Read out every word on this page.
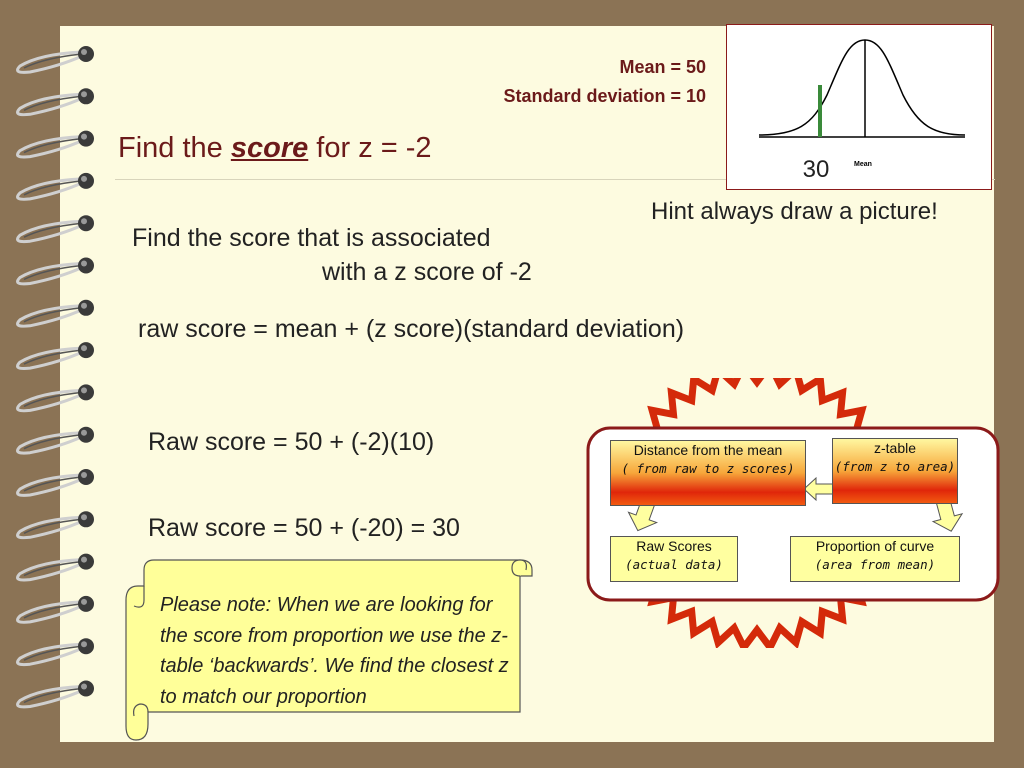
Mean = 50
Standard deviation = 10
Find the score for z = -2
Mean
30
Hint always draw a picture!
Find the score that is associated
with a z score of -2
raw score = mean + (z score)(standard deviation)
Raw score = 50 + (-2)(10)
Raw score = 50 + (-20) = 30
Please note: When we are looking for the score from proportion we use the z-table ‘backwards’. We find the closest z to match our proportion
Distance from the mean
( from raw to z scores)
z-table
(from z to area)
Raw Scores
(actual data)
Proportion of curve
(area from mean)
